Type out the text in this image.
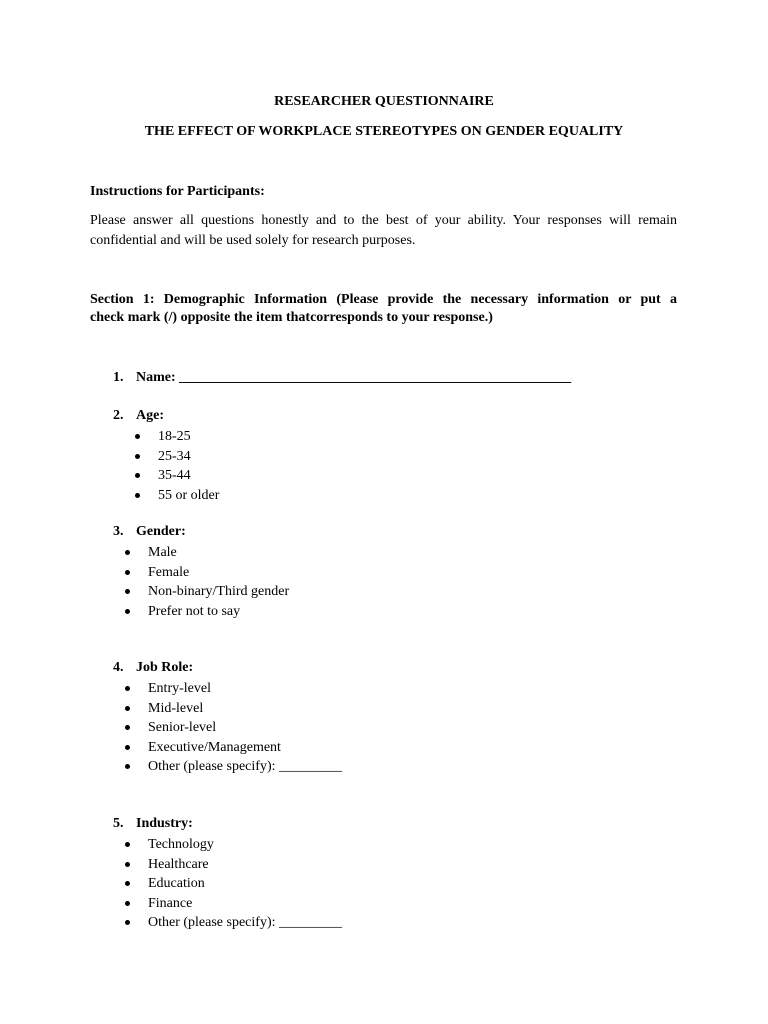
RESEARCHER QUESTIONNAIRE
THE EFFECT OF WORKPLACE STEREOTYPES ON GENDER EQUALITY
Instructions for Participants:
Please answer all questions honestly and to the best of your ability. Your responses will remain confidential and will be used solely for research purposes.
Section 1: Demographic Information (Please provide the necessary information or put a
check mark (/) opposite the item thatcorresponds to your response.)
1. Name: ________________________________________________________
2. Age:
18-25
25-34
35-44
55 or older
3. Gender:
Male
Female
Non-binary/Third gender
Prefer not to say
4. Job Role:
Entry-level
Mid-level
Senior-level
Executive/Management
Other (please specify): _________
5. Industry:
Technology
Healthcare
Education
Finance
Other (please specify): _________
